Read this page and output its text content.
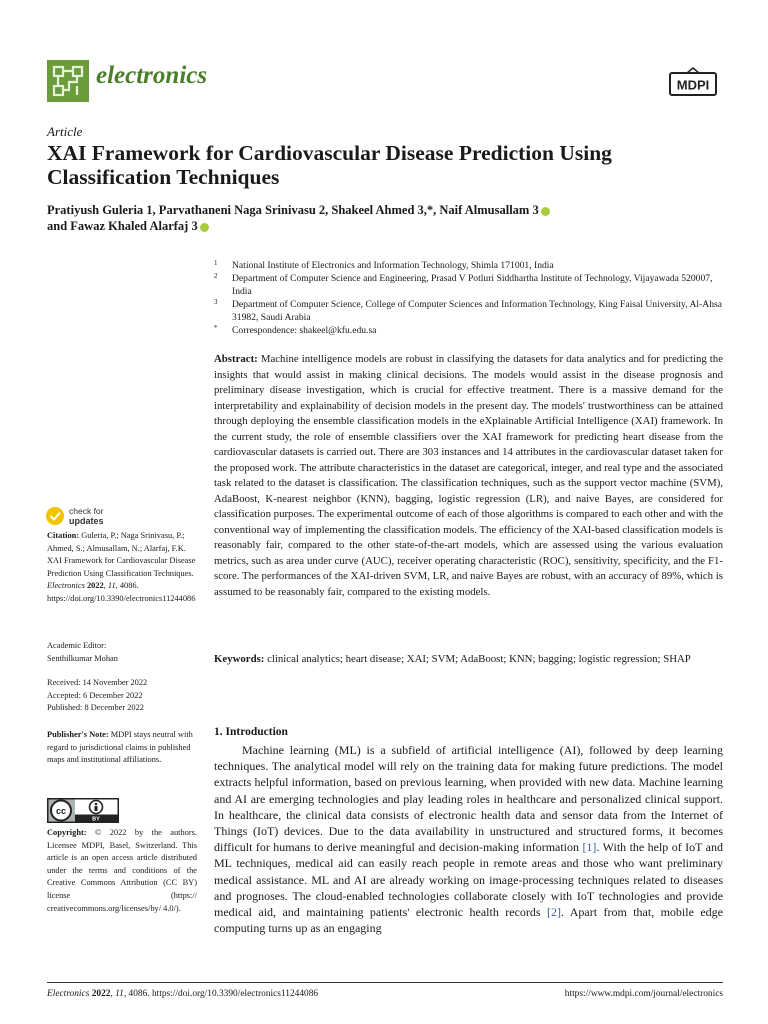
electronics	MDPI
Article
XAI Framework for Cardiovascular Disease Prediction Using Classification Techniques
Pratiyush Guleria 1, Parvathaneni Naga Srinivasu 2, Shakeel Ahmed 3,*, Naif Almusallam 3
and Fawaz Khaled Alarfaj 3
1 National Institute of Electronics and Information Technology, Shimla 171001, India
2 Department of Computer Science and Engineering, Prasad V Potluri Siddhartha Institute of Technology, Vijayawada 520007, India
3 Department of Computer Science, College of Computer Sciences and Information Technology, King Faisal University, Al-Ahsa 31982, Saudi Arabia
* Correspondence: shakeel@kfu.edu.sa
Abstract: Machine intelligence models are robust in classifying the datasets for data analytics and for predicting the insights that would assist in making clinical decisions. The models would assist in the disease prognosis and preliminary disease investigation, which is crucial for effective treatment. There is a massive demand for the interpretability and explainability of decision models in the present day. The models' trustworthiness can be attained through deploying the ensemble classification models in the eXplainable Artificial Intelligence (XAI) framework. In the current study, the role of ensemble classifiers over the XAI framework for predicting heart disease from the cardiovascular datasets is carried out. There are 303 instances and 14 attributes in the cardiovascular dataset taken for the proposed work. The attribute characteristics in the dataset are categorical, integer, and real type and the associated task related to the dataset is classification. The classification techniques, such as the support vector machine (SVM), AdaBoost, K-nearest neighbor (KNN), bagging, logistic regression (LR), and naive Bayes, are considered for classification purposes. The experimental outcome of each of those algorithms is compared to each other and with the conventional way of implementing the classification models. The efficiency of the XAI-based classification models is reasonably fair, compared to the other state-of-the-art models, which are assessed using the various evaluation metrics, such as area under curve (AUC), receiver operating characteristic (ROC), sensitivity, specificity, and the F1-score. The performances of the XAI-driven SVM, LR, and naive Bayes are robust, with an accuracy of 89%, which is assumed to be reasonably fair, compared to the existing models.
Keywords: clinical analytics; heart disease; XAI; SVM; AdaBoost; KNN; bagging; logistic regression; SHAP
check for
updates
Citation: Guleria, P.; Naga Srinivasu, P.; Ahmed, S.; Almusallam, N.; Alarfaj, F.K. XAI Framework for Cardiovascular Disease Prediction Using Classification Techniques. Electronics 2022, 11, 4086. https://doi.org/10.3390/electronics11244086
Academic Editor:
Senthilkumar Mohan
Received: 14 November 2022
Accepted: 6 December 2022
Published: 8 December 2022
Publisher's Note: MDPI stays neutral with regard to jurisdictional claims in published maps and institutional affiliations.
cc
BY
Copyright: © 2022 by the authors. Licensee MDPI, Basel, Switzerland. This article is an open access article distributed under the terms and conditions of the Creative Commons Attribution (CC BY) license (https:// creativecommons.org/licenses/by/ 4.0/).
1. Introduction
Machine learning (ML) is a subfield of artificial intelligence (AI), followed by deep learning techniques. The analytical model will rely on the training data for making future predictions. The model extracts helpful information, based on previous learning, when provided with new data. Machine learning and AI are emerging technologies and play leading roles in healthcare and personalized clinical support. In healthcare, the clinical data consists of electronic health data and sensor data from the Internet of Things (IoT) devices. Due to the data availability in unstructured and structured forms, it becomes difficult for humans to derive meaningful and decision-making information [1]. With the help of IoT and ML techniques, medical aid can easily reach people in remote areas and those who want preliminary medical assistance. ML and AI are already working on image-processing techniques related to diseases and prognoses. The cloud-enabled technologies collaborate closely with IoT technologies and provide medical aid, and maintaining patients' electronic health records [2]. Apart from that, mobile edge computing turns up as an engaging
Electronics 2022, 11, 4086. https://doi.org/10.3390/electronics11244086	https://www.mdpi.com/journal/electronics
